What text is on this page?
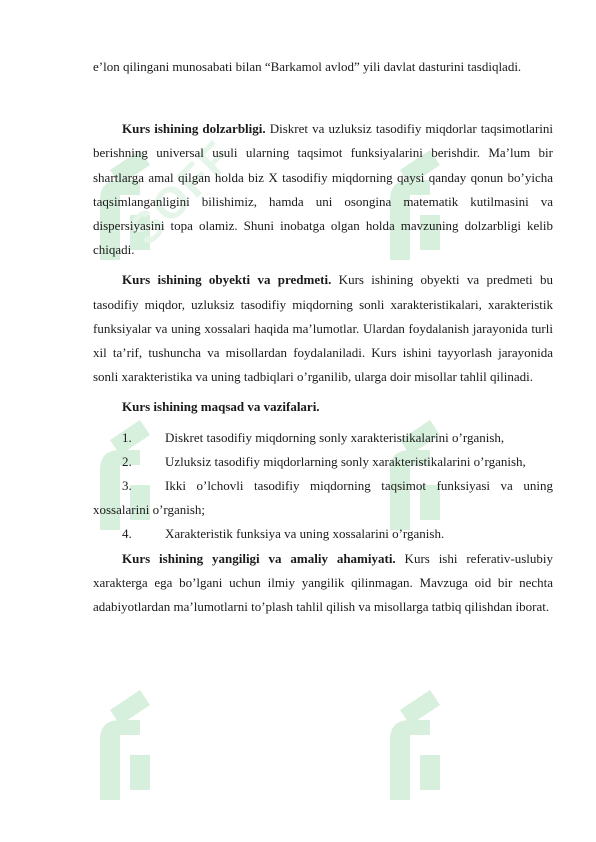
SOFF

e’lon qilingani munosabati bilan “Barkamol avlod” yili davlat dasturini tasdiqladi.

Kurs ishining dolzarbligi. Diskret va uzluksiz tasodifiy miqdorlar taqsimotlarini berishning universal usuli ularning taqsimot funksiyalarini berishdir. Ma’lum bir shartlarga amal qilgan holda biz X tasodifiy miqdorning qaysi qanday qonun bo’yicha taqsimlanganligini bilishimiz, hamda uni osongina matematik kutilmasini va dispersiyasini topa olamiz. Shuni inobatga olgan holda mavzuning dolzarbligi kelib chiqadi.

Kurs ishining obyekti va predmeti. Kurs ishining obyekti va predmeti bu tasodifiy miqdor, uzluksiz tasodifiy miqdorning sonli xarakteristikalari, xarakteristik funksiyalar va uning xossalari haqida ma’lumotlar. Ulardan foydalanish jarayonida turli xil ta’rif, tushuncha va misollardan foydalaniladi. Kurs ishini tayyorlash jarayonida sonli xarakteristika va uning tadbiqlari o’rganilib, ularga doir misollar tahlil qilinadi.

Kurs ishining maqsad va vazifalari.

1.	Diskret tasodifiy miqdorning sonly xarakteristikalarini o’rganish,

2.	Uzluksiz tasodifiy miqdorlarning sonly xarakteristikalarini o’rganish,

3.	Ikki o’lchovli tasodifiy miqdorning taqsimot funksiyasi va uning xossalarini o’rganish;

4.	Xarakteristik funksiya va uning xossalarini o’rganish.

Kurs ishining yangiligi va amaliy ahamiyati. Kurs ishi referativ-uslubiy xarakterga ega bo’lgani uchun ilmiy yangilik qilinmagan. Mavzuga oid bir nechta adabiyotlardan ma’lumotlarni to’plash tahlil qilish va misollarga tatbiq qilishdan iborat.
